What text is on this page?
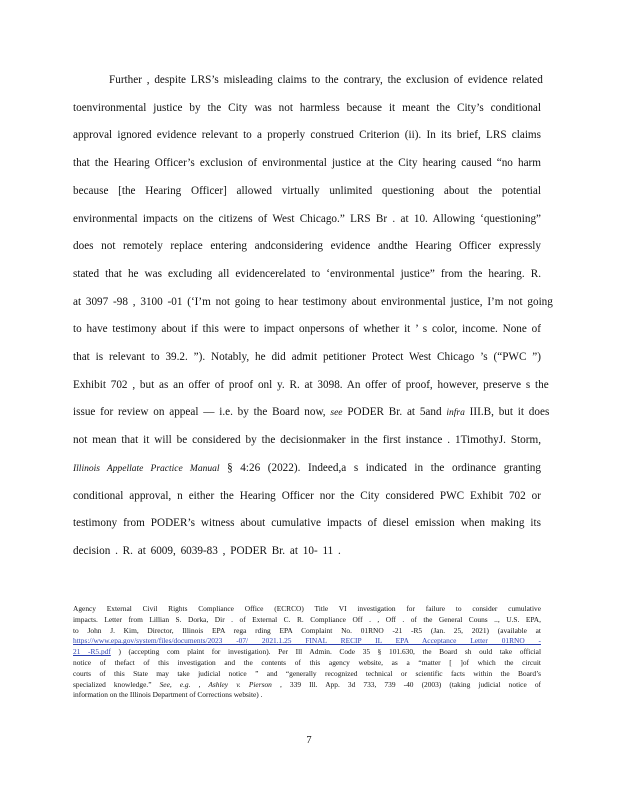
Further , despite LRS’s misleading claims to the contrary, the exclusion of evidence related
toenvironmental justice by the City was not harmless because it meant the City’s conditional
approval ignored evidence relevant to a properly construed Criterion (ii). In its brief, LRS claims
that the Hearing Officer’s exclusion of environmental justice at the City hearing caused “no harm
because [the Hearing Officer] allowed virtually unlimited questioning about the potential
environmental impacts on the citizens of West Chicago.” LRS Br . at 10. Allowing ‘questioning”
does not remotely replace entering andconsidering evidence andthe Hearing Officer expressly
stated that he was excluding all evidencerelated to ‘environmental justice” from the hearing. R.
at 3097 -98 , 3100 -01 (‘I’m not going to hear testimony about environmental justice, I’m not going
to have testimony about if this were to impact onpersons of whether it ’ s color, income. None of
that is relevant to 39.2. ”). Notably, he did admit petitioner Protect West Chicago ’s (“PWC ”)
Exhibit 702 , but as an offer of proof onl y. R. at 3098. An offer of proof, however, preserve s the
issue for review on appeal — i.e. by the Board now, see PODER Br. at 5and infra III.B, but it does
not mean that it will be considered by the decisionmaker in the first instance . 1TimothyJ. Storm,
Illinois Appellate Practice Manual § 4:26 (2022). Indeed,a s indicated in the ordinance granting
conditional approval, n either the Hearing Officer nor the City considered PWC Exhibit 702 or
testimony from PODER’s witness about cumulative impacts of diesel emission when making its
decision . R. at 6009, 6039-83 , PODER Br. at 10- 11 .
Agency External Civil Rights Compliance Office (ECRCO) Title VI investigation for failure to consider cumulative
impacts. Letter from Lillian S. Dorka, Dir . of External C. R. Compliance Off . , Off . of the General Couns .., U.S. EPA,
to John J. Kim, Director, Illinois EPA rega rding EPA Complaint No. 01RNO -21 -R5 (Jan. 25, 2021) (available at
https://www.epa.gov/system/files/documents/2023 -07/ 2021.1.25 FINAL RECIP IL EPA Acceptance Letter 01RNO -
21 -R5.pdf ) (accepting com plaint for investigation). Per Ill Admin. Code 35 § 101.630, the Board sh ould take official
notice of thefact of this investigation and the contents of this agency website, as a “matter [ ]of which the circuit
courts of this State may take judicial notice ” and “generally recognized technical or scientific facts within the Board’s
specialized knowledge.” See, e.g. , Ashley v. Pierson , 339 Ill. App. 3d 733, 739 -40 (2003) (taking judicial notice of
information on the Illinois Department of Corrections website) .
7
